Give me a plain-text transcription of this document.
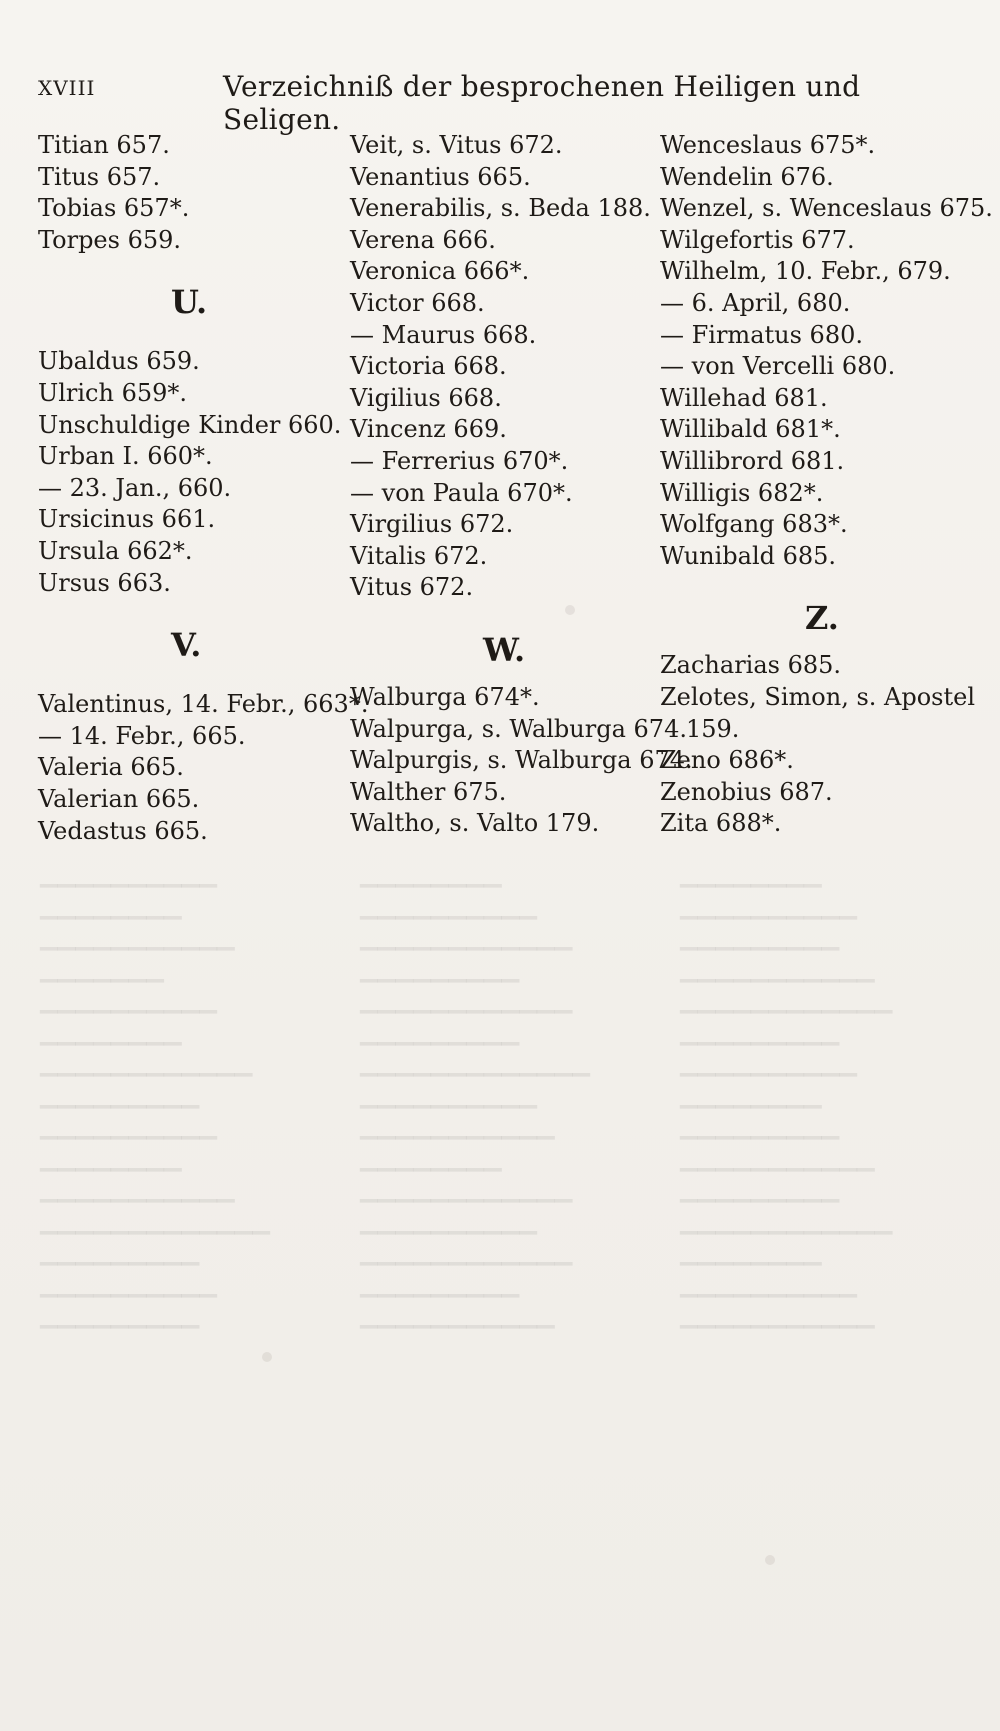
▁▁▁▁▁▁▁▁▁▁
▁▁▁▁▁▁▁▁
▁▁▁▁▁▁▁▁▁▁▁
▁▁▁▁▁▁▁
▁▁▁▁▁▁▁▁▁▁
▁▁▁▁▁▁▁▁
▁▁▁▁▁▁▁▁▁▁▁▁
▁▁▁▁▁▁▁▁▁
▁▁▁▁▁▁▁▁▁▁
▁▁▁▁▁▁▁▁
▁▁▁▁▁▁▁▁▁▁▁
▁▁▁▁▁▁▁▁▁▁▁▁▁
▁▁▁▁▁▁▁▁▁
▁▁▁▁▁▁▁▁▁▁
▁▁▁▁▁▁▁▁▁
▁▁▁▁▁▁▁▁
▁▁▁▁▁▁▁▁▁▁
▁▁▁▁▁▁▁▁▁▁▁▁
▁▁▁▁▁▁▁▁▁
▁▁▁▁▁▁▁▁▁▁▁▁
▁▁▁▁▁▁▁▁▁
▁▁▁▁▁▁▁▁▁▁▁▁▁
▁▁▁▁▁▁▁▁▁▁
▁▁▁▁▁▁▁▁▁▁▁
▁▁▁▁▁▁▁▁
▁▁▁▁▁▁▁▁▁▁▁▁
▁▁▁▁▁▁▁▁▁▁
▁▁▁▁▁▁▁▁▁▁▁▁
▁▁▁▁▁▁▁▁▁
▁▁▁▁▁▁▁▁▁▁▁
▁▁▁▁▁▁▁▁
▁▁▁▁▁▁▁▁▁▁
▁▁▁▁▁▁▁▁▁
▁▁▁▁▁▁▁▁▁▁▁
▁▁▁▁▁▁▁▁▁▁▁▁
▁▁▁▁▁▁▁▁▁
▁▁▁▁▁▁▁▁▁▁
▁▁▁▁▁▁▁▁
▁▁▁▁▁▁▁▁▁
▁▁▁▁▁▁▁▁▁▁▁
▁▁▁▁▁▁▁▁▁
▁▁▁▁▁▁▁▁▁▁▁▁
▁▁▁▁▁▁▁▁
▁▁▁▁▁▁▁▁▁▁
▁▁▁▁▁▁▁▁▁▁▁
XVIII	Verzeichniß der besprochenen Heiligen und Seligen.
Titian 657.
Titus 657.
Tobias 657*.
Torpes 659.
U.
Ubaldus 659.
Ulrich 659*.
Unschuldige Kinder 660.
Urban I. 660*.
— 23. Jan., 660.
Ursicinus 661.
Ursula 662*.
Ursus 663.
V.
Valentinus, 14. Febr., 663*.
— 14. Febr., 665.
Valeria 665.
Valerian 665.
Vedastus 665.
Veit, s. Vitus 672.
Venantius 665.
Venerabilis, s. Beda 188.
Verena 666.
Veronica 666*.
Victor 668.
— Maurus 668.
Victoria 668.
Vigilius 668.
Vincenz 669.
— Ferrerius 670*.
— von Paula 670*.
Virgilius 672.
Vitalis 672.
Vitus 672.
W.
Walburga 674*.
Walpurga, s. Walburga 674.
Walpurgis, s. Walburga 674.
Walther 675.
Waltho, s. Valto 179.
Wenceslaus 675*.
Wendelin 676.
Wenzel, s. Wenceslaus 675.
Wilgefortis 677.
Wilhelm, 10. Febr., 679.
— 6. April, 680.
— Firmatus 680.
— von Vercelli 680.
Willehad 681.
Willibald 681*.
Willibrord 681.
Willigis 682*.
Wolfgang 683*.
Wunibald 685.
Z.
Zacharias 685.
Zelotes, Simon, s. Apostel
159.
Zeno 686*.
Zenobius 687.
Zita 688*.
